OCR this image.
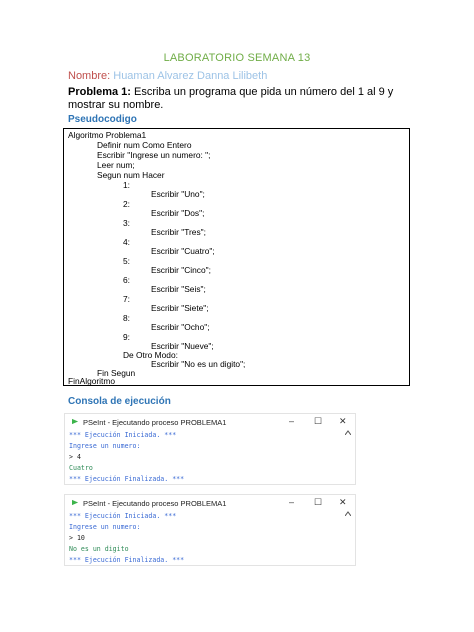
LABORATORIO SEMANA 13
Nombre: Huaman Alvarez Danna Lilibeth
Problema 1: Escriba un programa que pida un número del 1 al 9 y mostrar su nombre.
Pseudocodigo
Algoritmo Problema1
Definir num Como Entero
Escribir "Ingrese un numero: ";
Leer num;
Segun num Hacer
1:
Escribir "Uno";
2:
Escribir "Dos";
3:
Escribir "Tres";
4:
Escribir "Cuatro";
5:
Escribir "Cinco";
6:
Escribir "Seis";
7:
Escribir "Siete";
8:
Escribir "Ocho";
9:
Escribir "Nueve";
De Otro Modo:
Escribir "No es un digito";
Fin Segun
FinAlgoritmo
Consola de ejecución
PSeInt - Ejecutando proceso PROBLEMA1	– ☐ ✕
*** Ejecución Iniciada. ***
Ingrese un numero:
> 4
Cuatro
*** Ejecución Finalizada. ***
PSeInt - Ejecutando proceso PROBLEMA1	– ☐ ✕
*** Ejecución Iniciada. ***
Ingrese un numero:
> 10
No es un digito
*** Ejecución Finalizada. ***
